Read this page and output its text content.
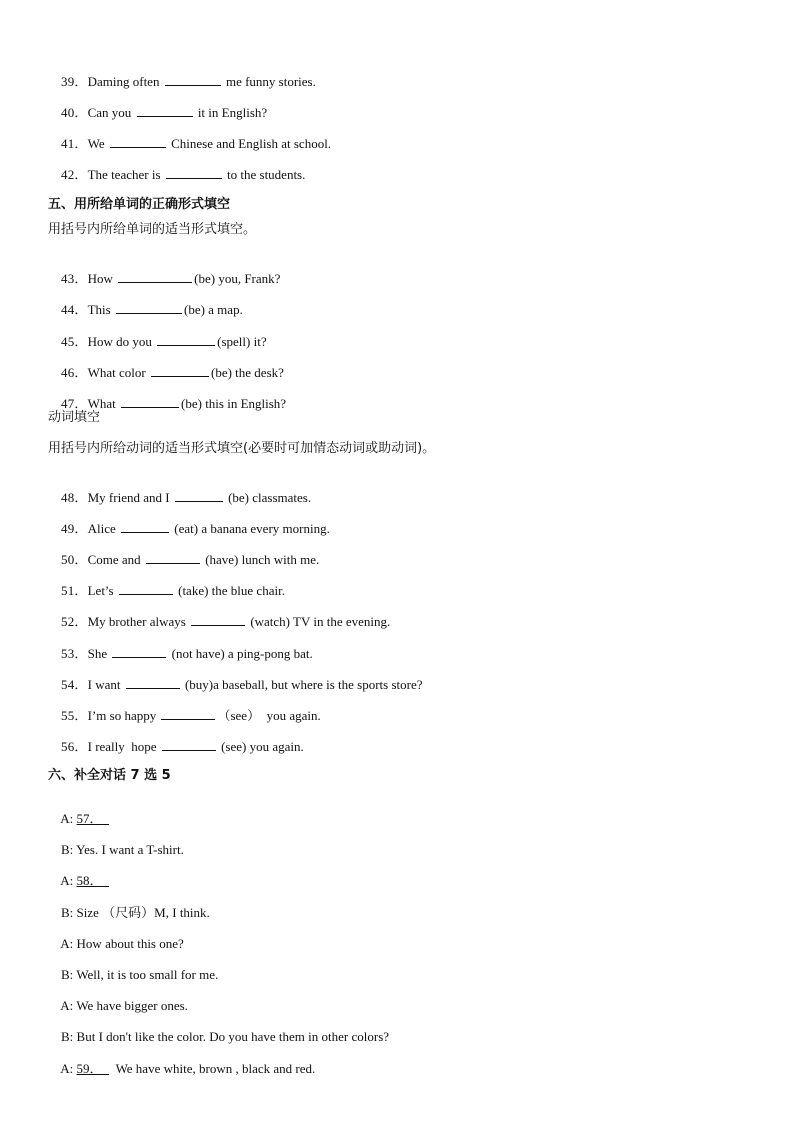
39．Daming often	me funny stories.

40．Can you	it in English?

41．We	Chinese and English at school.

42．The teacher is	to the students.

五、用所给单词的正确形式填空
用括号内所给单词的适当形式填空。

43．How	(be) you, Frank?

44．This	(be) a map.

45．How do you	(spell) it?

46．What color	(be) the desk?

47．What	(be) this in English?

动词填空
用括号内所给动词的适当形式填空(必要时可加情态动词或助动词)。

48．My friend and I	(be) classmates.

49．Alice	(eat) a banana every morning.

50．Come and	(have) lunch with me.

51．Let’s	(take) the blue chair.

52．My brother always	(watch) TV in the evening.

53．She	(not have) a ping-pong bat.

54．I want	(buy)a baseball, but where is the sports store?

55．I’m so happy	（see）  you again.

56．I really  hope	(see) you again.

六、补全对话 7 选 5

A: 57．

B: Yes. I want a T-shirt.

A: 58．

B: Size （尺码）M, I think.

A: How about this one?

B: Well, it is too small for me.

A: We have bigger ones.

B: But I don't like the color. Do you have them in other colors?

A: 59． We have white, brown , black and red.
